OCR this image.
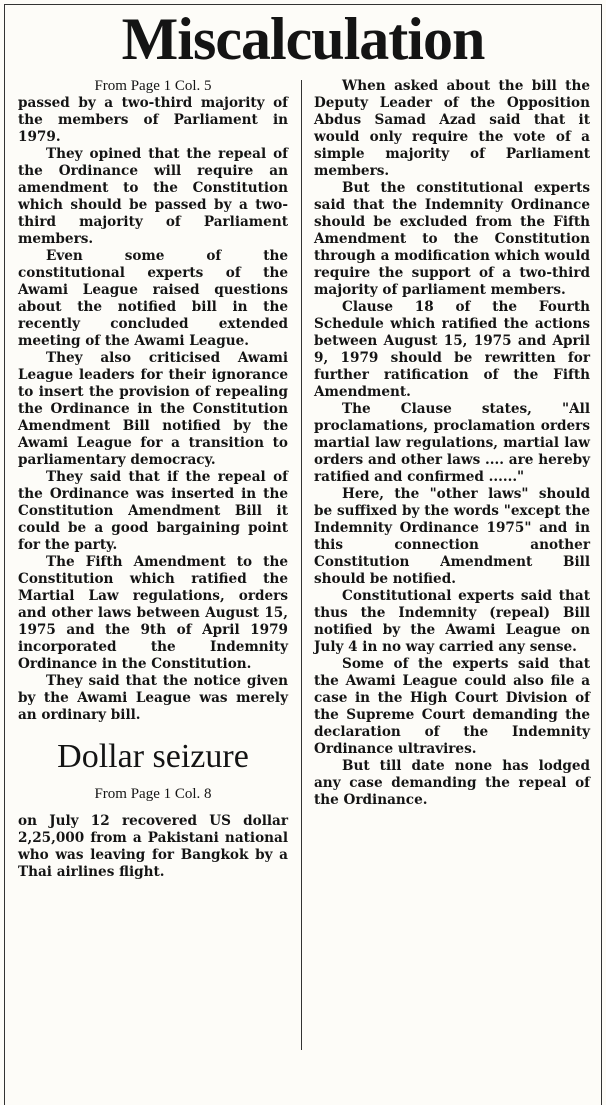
Miscalculation
From Page 1 Col. 5

passed by a two-third majority of the members of Parliament in 1979.

They opined that the repeal of the Ordinance will require an amendment to the Constitution which should be passed by a two-third majority of Parliament members.

Even some of the constitutional experts of the Awami League raised questions about the notified bill in the recently concluded extended meeting of the Awami League.

They also criticised Awami League leaders for their ignorance to insert the provision of repealing the Ordinance in the Constitution Amendment Bill notified by the Awami League for a transition to parliamentary democracy.

They said that if the repeal of the Ordinance was inserted in the Constitution Amendment Bill it could be a good bargaining point for the party.

The Fifth Amendment to the Constitution which ratified the Martial Law regulations, orders and other laws between August 15, 1975 and the 9th of April 1979 incorporated the Indemnity Ordinance in the Constitution.

They said that the notice given by the Awami League was merely an ordinary bill.

Dollar seizure
From Page 1 Col. 8

on July 12 recovered US dollar 2,25,000 from a Pakistani national who was leaving for Bangkok by a Thai airlines flight.

When asked about the bill the Deputy Leader of the Opposition Abdus Samad Azad said that it would only require the vote of a simple majority of Parliament members.

But the constitutional experts said that the Indemnity Ordinance should be excluded from the Fifth Amendment to the Constitution through a modification which would require the support of a two-third majority of parliament members.

Clause 18 of the Fourth Schedule which ratified the actions between August 15, 1975 and April 9, 1979 should be rewritten for further ratification of the Fifth Amendment.

The Clause states, "All proclamations, proclamation orders martial law regulations, martial law orders and other laws .... are hereby ratified and confirmed ......"

Here, the "other laws" should be suffixed by the words "except the Indemnity Ordinance 1975" and in this connection another Constitution Amendment Bill should be notified.

Constitutional experts said that thus the Indemnity (repeal) Bill notified by the Awami League on July 4 in no way carried any sense.

Some of the experts said that the Awami League could also file a case in the High Court Division of the Supreme Court demanding the declaration of the Indemnity Ordinance ultravires.

But till date none has lodged any case demanding the repeal of the Ordinance.
